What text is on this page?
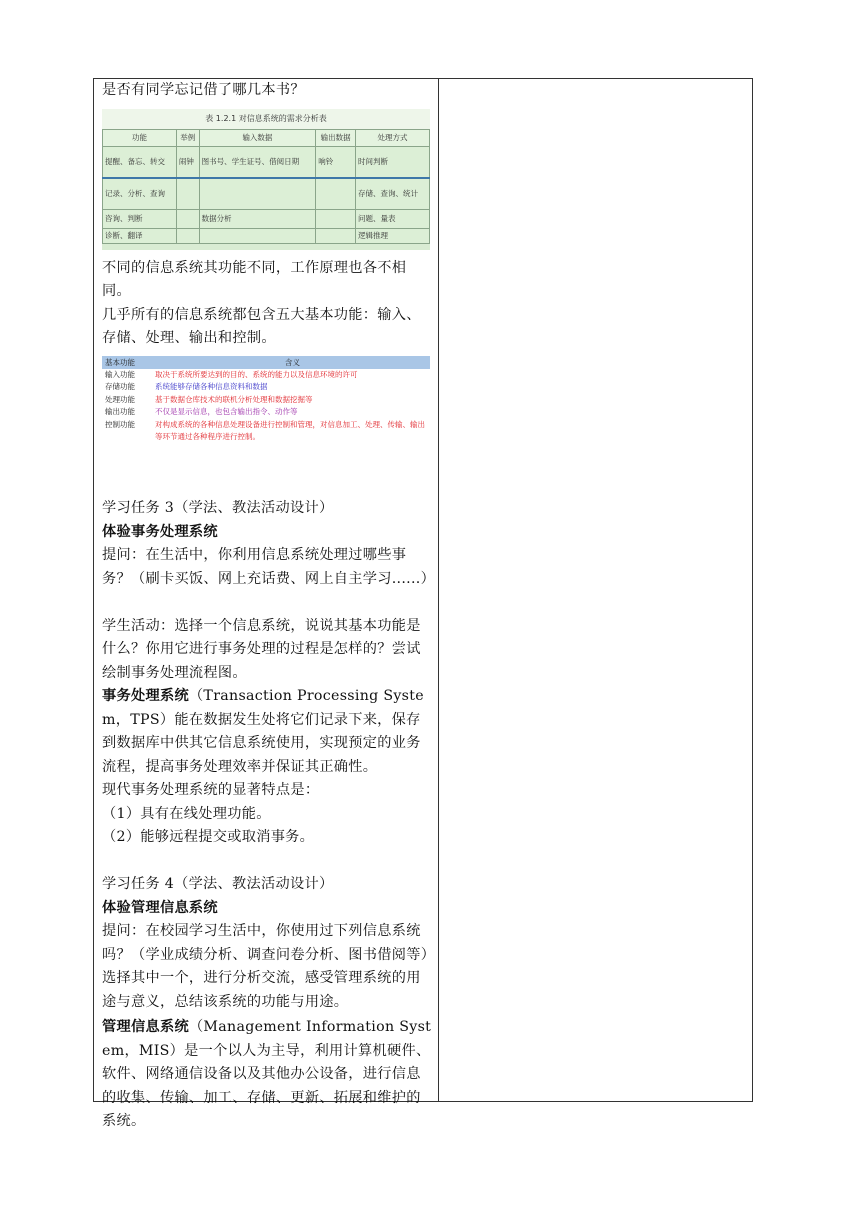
是否有同学忘记借了哪几本书？

表 1.2.1 对信息系统的需求分析表
功能	举例	输入数据	输出数据	处理方式
提醒、备忘、转交	闹钟	图书号、学生证号、借阅日期	响铃	时间判断
记录、分析、查询				存储、查询、统计
咨询、判断		数据分析		问题、量表
诊断、翻译				逻辑推理

不同的信息系统其功能不同，工作原理也各不相同。

几乎所有的信息系统都包含五大基本功能：输入、存储、处理、输出和控制。

基本功能	含义
输入功能	取决于系统所要达到的目的、系统的能力以及信息环境的许可
存储功能	系统能够存储各种信息资料和数据
处理功能	基于数据仓库技术的联机分析处理和数据挖掘等
输出功能	不仅是显示信息，也包含输出指令、动作等
控制功能	对构成系统的各种信息处理设备进行控制和管理，对信息加工、处理、传输、输出等环节通过各种程序进行控制。

学习任务 3（学法、教法活动设计）

体验事务处理系统

提问：在生活中，你利用信息系统处理过哪些事务？（刷卡买饭、网上充话费、网上自主学习......）

学生活动：选择一个信息系统，说说其基本功能是什么？你用它进行事务处理的过程是怎样的？尝试绘制事务处理流程图。

事务处理系统（Transaction Processing System，TPS）能在数据发生处将它们记录下来，保存到数据库中供其它信息系统使用，实现预定的业务流程，提高事务处理效率并保证其正确性。

现代事务处理系统的显著特点是：

（1）具有在线处理功能。

（2）能够远程提交或取消事务。

学习任务 4（学法、教法活动设计）

体验管理信息系统

提问：在校园学习生活中，你使用过下列信息系统吗？（学业成绩分析、调查问卷分析、图书借阅等）选择其中一个，进行分析交流，感受管理系统的用途与意义，总结该系统的功能与用途。

管理信息系统（Management Information System，MIS）是一个以人为主导，利用计算机硬件、软件、网络通信设备以及其他办公设备，进行信息的收集、传输、加工、存储、更新、拓展和维护的系统。
